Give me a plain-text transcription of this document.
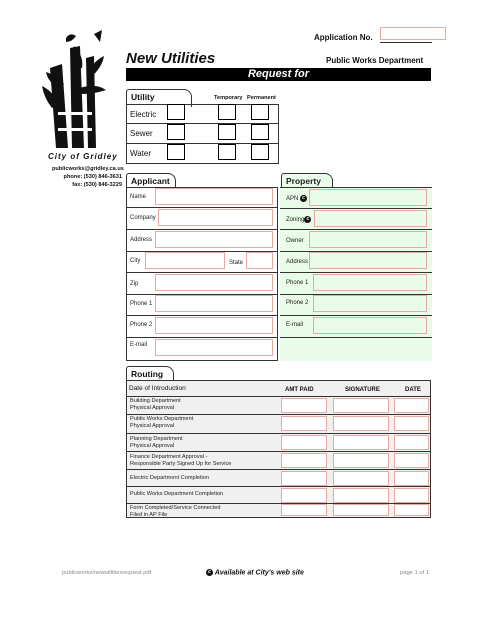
Application No.
City of Gridley
publicworks@gridley.ca.us
phone: (530) 846-3631
fax: (530) 846-3229
New Utilities	Public Works Department
Request for
Utility	Temporary Permanent
Electric
Sewer
Water
Applicant
Name
Company
Address
City	State
Zip
Phone 1
Phone 2
E-mail
Property
APN c
Zoning c
Owner
Address
Phone 1
Phone 2
E-mail
Routing
Date of Introduction	AMT PAID	SIGNATURE	DATE
Building Department
Physical Approval
Public Works Department
Physical Approval
Planning Department
Physical Approval
Finance Department Approval -
Responsible Party Signed Up for Service
Electric Department Completion
Public Works Department Completion
Form Completed/Service Connected
Filed in AP File
publicworks/newutilitiesrequest.pdf	c Available at City's web site	page 1 of 1
